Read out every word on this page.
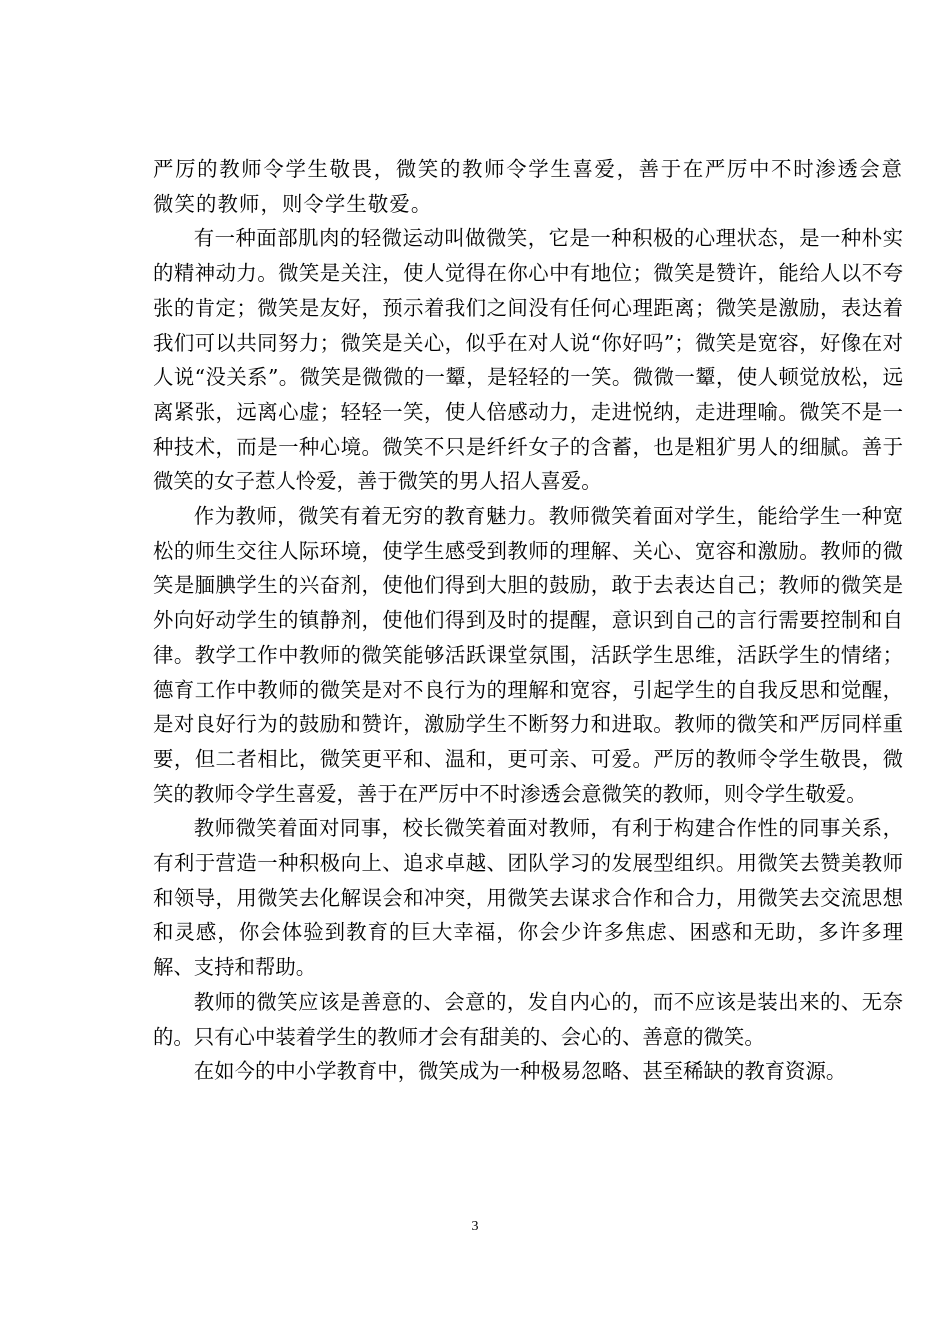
严厉的教师令学生敬畏，微笑的教师令学生喜爱，善于在严厉中不时渗透会意微笑的教师，则令学生敬爱。

有一种面部肌肉的轻微运动叫做微笑，它是一种积极的心理状态，是一种朴实的精神动力。微笑是关注，使人觉得在你心中有地位；微笑是赞许，能给人以不夸张的肯定；微笑是友好，预示着我们之间没有任何心理距离；微笑是激励，表达着我们可以共同努力；微笑是关心，似乎在对人说“你好吗”；微笑是宽容，好像在对人说“没关系”。微笑是微微的一颦，是轻轻的一笑。微微一颦，使人顿觉放松，远离紧张，远离心虚；轻轻一笑，使人倍感动力，走进悦纳，走进理喻。微笑不是一种技术，而是一种心境。微笑不只是纤纤女子的含蓄，也是粗犷男人的细腻。善于微笑的女子惹人怜爱，善于微笑的男人招人喜爱。

作为教师，微笑有着无穷的教育魅力。教师微笑着面对学生，能给学生一种宽松的师生交往人际环境，使学生感受到教师的理解、关心、宽容和激励。教师的微笑是腼腆学生的兴奋剂，使他们得到大胆的鼓励，敢于去表达自己；教师的微笑是外向好动学生的镇静剂，使他们得到及时的提醒，意识到自己的言行需要控制和自律。教学工作中教师的微笑能够活跃课堂氛围，活跃学生思维，活跃学生的情绪；德育工作中教师的微笑是对不良行为的理解和宽容，引起学生的自我反思和觉醒，是对良好行为的鼓励和赞许，激励学生不断努力和进取。教师的微笑和严厉同样重要，但二者相比，微笑更平和、温和，更可亲、可爱。严厉的教师令学生敬畏，微笑的教师令学生喜爱，善于在严厉中不时渗透会意微笑的教师，则令学生敬爱。

教师微笑着面对同事，校长微笑着面对教师，有利于构建合作性的同事关系，有利于营造一种积极向上、追求卓越、团队学习的发展型组织。用微笑去赞美教师和领导，用微笑去化解误会和冲突，用微笑去谋求合作和合力，用微笑去交流思想和灵感，你会体验到教育的巨大幸福，你会少许多焦虑、困惑和无助，多许多理解、支持和帮助。

教师的微笑应该是善意的、会意的，发自内心的，而不应该是装出来的、无奈的。只有心中装着学生的教师才会有甜美的、会心的、善意的微笑。

在如今的中小学教育中，微笑成为一种极易忽略、甚至稀缺的教育资源。

3
